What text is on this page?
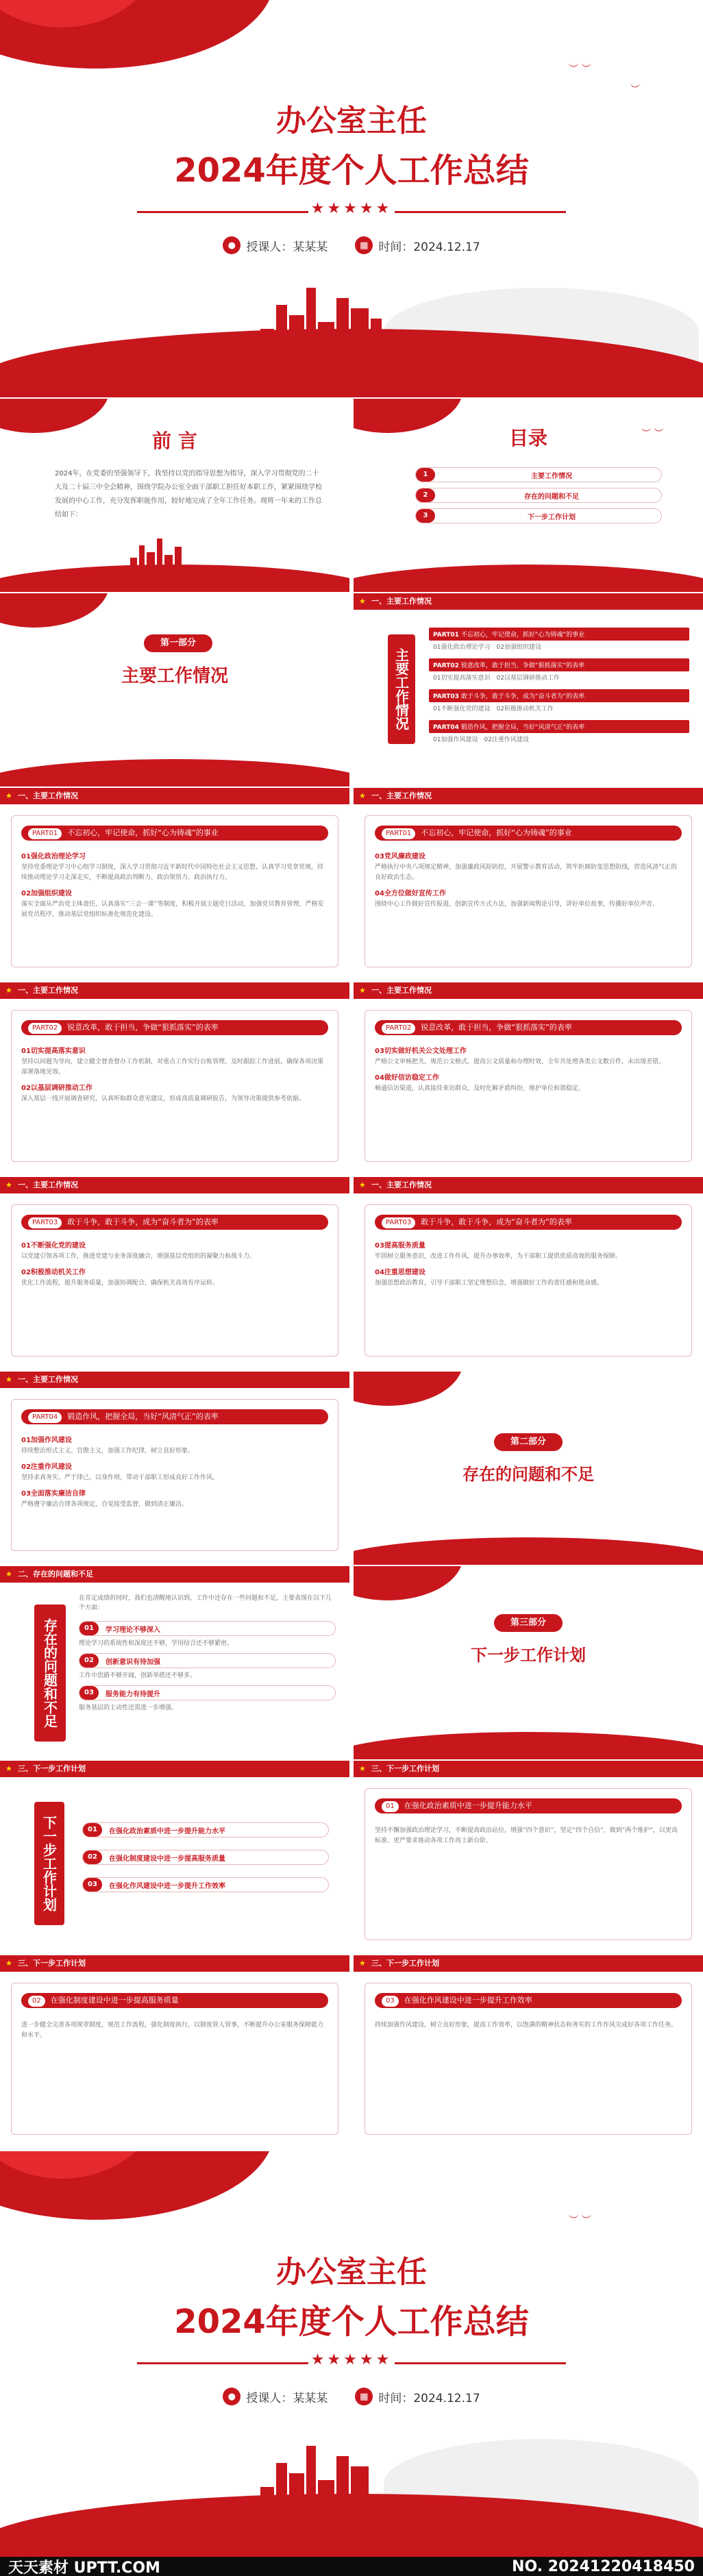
︶ ︶
︶
办公室主任
2024年度个人工作总结
★★★★★
● 授课人：某某某	▦ 时间：2024.12.17
前 言
2024年，在党委的坚强领导下，我坚持以党的指导思想为指导，深入学习贯彻党的二十大及二十届三中全会精神，围绕学院办公室全面干部职工担任好本职工作，紧紧围绕学校发展的中心工作，充分发挥职能作用，较好地完成了全年工作任务。现将一年来的工作总结如下：
︶ ︶
目录
1	主要工作情况
2	存在的问题和不足
3	下一步工作计划
第一部分
主要工作情况
★ 一、主要工作情况
主要工作情况
PART01 不忘初心，牢记使命，抓好“心为铸魂”的事业
01强化政治理论学习　 02加强组织建设
PART02 锐意改革，敢于担当，争做“狠抓落实”的表率
01切实提高落实意识　 02以基层调研推动工作
PART03 敢于斗争，敢于斗争，成为“奋斗者为”的表率
01不断强化党的建设　 02积极推动机关工作
PART04 锻造作风，把握全局，当好“风清气正”的表率
01加强作风建设　 02注重作风建设
★ 一、主要工作情况
PART01 不忘初心，牢记使命，抓好“心为铸魂”的事业
01强化政治理论学习
坚持党委理论学习中心组学习制度，深入学习贯彻习近平新时代中国特色社会主义思想，认真学习党章党规，持续推动理论学习走深走实，不断提高政治判断力、政治领悟力、政治执行力。
02加强组织建设
落实全面从严治党主体责任，认真落实“三会一课”等制度，积极开展主题党日活动，加强党员教育管理，严格发展党员程序，推动基层党组织标准化规范化建设。
★ 一、主要工作情况
PART01 不忘初心，牢记使命，抓好“心为铸魂”的事业
03党风廉政建设
严格执行中央八项规定精神，加强廉政风险防控，开展警示教育活动，筑牢拒腐防变思想防线，营造风清气正的良好政治生态。
04全方位做好宣传工作
围绕中心工作做好宣传报道，创新宣传方式方法，加强新闻舆论引导，讲好单位故事，传播好单位声音。
★ 一、主要工作情况
PART02 锐意改革，敢于担当，争做“狠抓落实”的表率
01切实提高落实意识
坚持以问题为导向，建立健全督查督办工作机制，对重点工作实行台账管理，及时跟踪工作进展，确保各项决策部署落地见效。
02以基层调研推动工作
深入基层一线开展调查研究，认真听取群众意见建议，形成高质量调研报告，为领导决策提供参考依据。
★ 一、主要工作情况
PART02 锐意改革，敢于担当，争做“狠抓落实”的表率
03切实做好机关公文处理工作
严格公文审核把关，规范公文格式，提高公文质量和办理时效，全年共处理各类公文数百件，未出现差错。
04做好信访稳定工作
畅通信访渠道，认真接待来访群众，及时化解矛盾纠纷，维护单位和谐稳定。
★ 一、主要工作情况
PART03 敢于斗争，敢于斗争，成为“奋斗者为”的表率
01不断强化党的建设
以党建引领各项工作，推进党建与业务深度融合，增强基层党组织的凝聚力和战斗力。
02积极推动机关工作
优化工作流程，提升服务质量，加强协调配合，确保机关高效有序运转。
★ 一、主要工作情况
PART03 敢于斗争，敢于斗争，成为“奋斗者为”的表率
03提高服务质量
牢固树立服务意识，改进工作作风，提升办事效率，为干部职工提供优质高效的服务保障。
04注重思想建设
加强思想政治教育，引导干部职工坚定理想信念，增强做好工作的责任感和使命感。
★ 一、主要工作情况
PART04 锻造作风，把握全局，当好“风清气正”的表率
01加强作风建设
持续整治形式主义、官僚主义，加强工作纪律，树立良好形象。
02注重作风建设
坚持求真务实，严于律己，以身作则，带动干部职工形成良好工作作风。
03全面落实廉洁自律
严格遵守廉洁自律各项规定，自觉接受监督，做到清正廉洁。
第二部分
存在的问题和不足
★ 二、存在的问题和不足
存在的问题和不足
在肯定成绩的同时，我们也清醒地认识到，工作中还存在一些问题和不足，主要表现在以下几个方面：
01	学习理论不够深入
理论学习的系统性和深度还不够，学用结合还不够紧密。
02	创新意识有待加强
工作中思路不够开阔，创新举措还不够多。
03	服务能力有待提升
服务基层的主动性还需进一步增强。
第三部分
下一步工作计划
★ 三、下一步工作计划
下一步工作计划	01	在强化政治素质中进一步提升能力水平
02	在强化制度建设中进一步提高服务质量
03	在强化作风建设中进一步提升工作效率
★ 三、下一步工作计划
01 在强化政治素质中进一步提升能力水平
坚持不懈加强政治理论学习，不断提高政治站位，增强“四个意识”，坚定“四个自信”，做到“两个维护”，以更高标准、更严要求推动各项工作再上新台阶。
★ 三、下一步工作计划
02 在强化制度建设中进一步提高服务质量
进一步健全完善各项规章制度，规范工作流程，强化制度执行，以制度管人管事，不断提升办公室服务保障能力和水平。
★ 三、下一步工作计划
03 在强化作风建设中进一步提升工作效率
持续加强作风建设，树立良好形象，提高工作效率，以饱满的精神状态和务实的工作作风完成好各项工作任务。
︶ ︶
办公室主任
2024年度个人工作总结
★★★★★
● 授课人：某某某	▦ 时间：2024.12.17
天天素材 UPTT.COM	NO. 20241220418450
